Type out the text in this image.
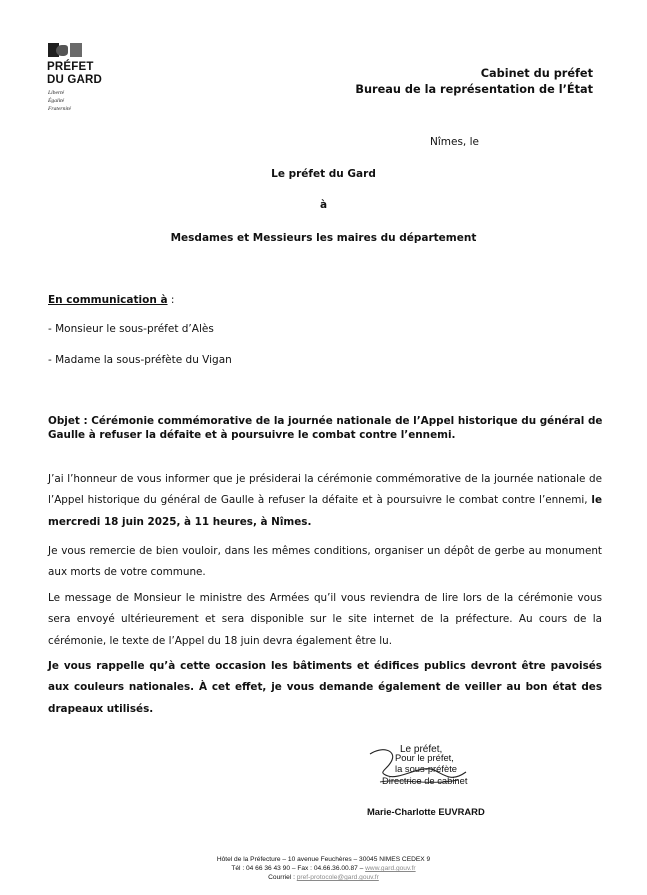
PRÉFET
DU GARD
Liberté
Égalité
Fraternité
Cabinet du préfet
Bureau de la représentation de l’État
Nîmes, le
Le préfet du Gard
à
Mesdames et Messieurs les maires du département
En communication à :
- Monsieur le sous-préfet d’Alès
- Madame la sous-préfète du Vigan
Objet : Cérémonie commémorative de la journée nationale de l’Appel historique du général de Gaulle à refuser la défaite et à poursuivre le combat contre l’ennemi.
J’ai l’honneur de vous informer que je présiderai la cérémonie commémorative de la journée nationale de l’Appel historique du général de Gaulle à refuser la défaite et à poursuivre le combat contre l’ennemi, le mercredi 18 juin 2025, à 11 heures, à Nîmes.
Je vous remercie de bien vouloir, dans les mêmes conditions, organiser un dépôt de gerbe au monument aux morts de votre commune.
Le message de Monsieur le ministre des Armées qu’il vous reviendra de lire lors de la cérémonie vous sera envoyé ultérieurement et sera disponible sur le site internet de la préfecture. Au cours de la cérémonie, le texte de l’Appel du 18 juin devra également être lu.
Je vous rappelle qu’à cette occasion les bâtiments et édifices publics devront être pavoisés aux couleurs nationales. À cet effet, je vous demande également de veiller au bon état des drapeaux utilisés.
Le préfet,
Pour le préfet,
la sous-préfète
Directrice de cabinet
Marie-Charlotte EUVRARD
Hôtel de la Préfecture – 10 avenue Feuchères – 30045 NIMES CEDEX 9
Tél : 04 66 36 43 90 – Fax : 04.66.36.00.87 – www.gard.gouv.fr
Courriel : pref-protocole@gard.gouv.fr
